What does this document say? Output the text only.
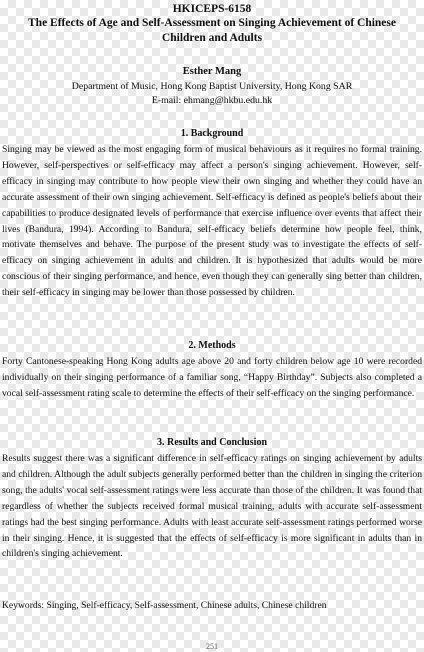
HKICEPS-6158
The Effects of Age and Self-Assessment on Singing Achievement of Chinese Children and Adults
Esther Mang
Department of Music, Hong Kong Baptist University, Hong Kong SAR
E-mail: ehmang@hkbu.edu.hk
1. Background
Singing may be viewed as the most engaging form of musical behaviours as it requires no formal training. However, self-perspectives or self-efficacy may affect a person's singing achievement. However, self-efficacy in singing may contribute to how people view their own singing and whether they could have an accurate assessment of their own singing achievement. Self-efficacy is defined as people's beliefs about their capabilities to produce designated levels of performance that exercise influence over events that affect their lives (Bandura, 1994). According to Bandura, self-efficacy beliefs determine how people feel, think, motivate themselves and behave. The purpose of the present study was to investigate the effects of self-efficacy on singing achievement in adults and children. It is hypothesized that adults would be more conscious of their singing performance, and hence, even though they can generally sing better than children, their self-efficacy in singing may be lower than those possessed by children.
2. Methods
Forty Cantonese-speaking Hong Kong adults age above 20 and forty children below age 10 were recorded individually on their singing performance of a familiar song, “Happy Birthday”. Subjects also completed a vocal self-assessment rating scale to determine the effects of their self-efficacy on the singing performance.
3. Results and Conclusion
Results suggest there was a significant difference in self-efficacy ratings on singing achievement by adults and children. Although the adult subjects generally performed better than the children in singing the criterion song, the adults' vocal self-assessment ratings were less accurate than those of the children. It was found that regardless of whether the subjects received formal musical training, adults with accurate self-assessment ratings had the best singing performance. Adults with least accurate self-assessment ratings performed worse in their singing. Hence, it is suggested that the effects of self-efficacy is more significant in adults than in children's singing achievement.
Keywords: Singing, Self-efficacy, Self-assessment, Chinese adults, Chinese children
251
